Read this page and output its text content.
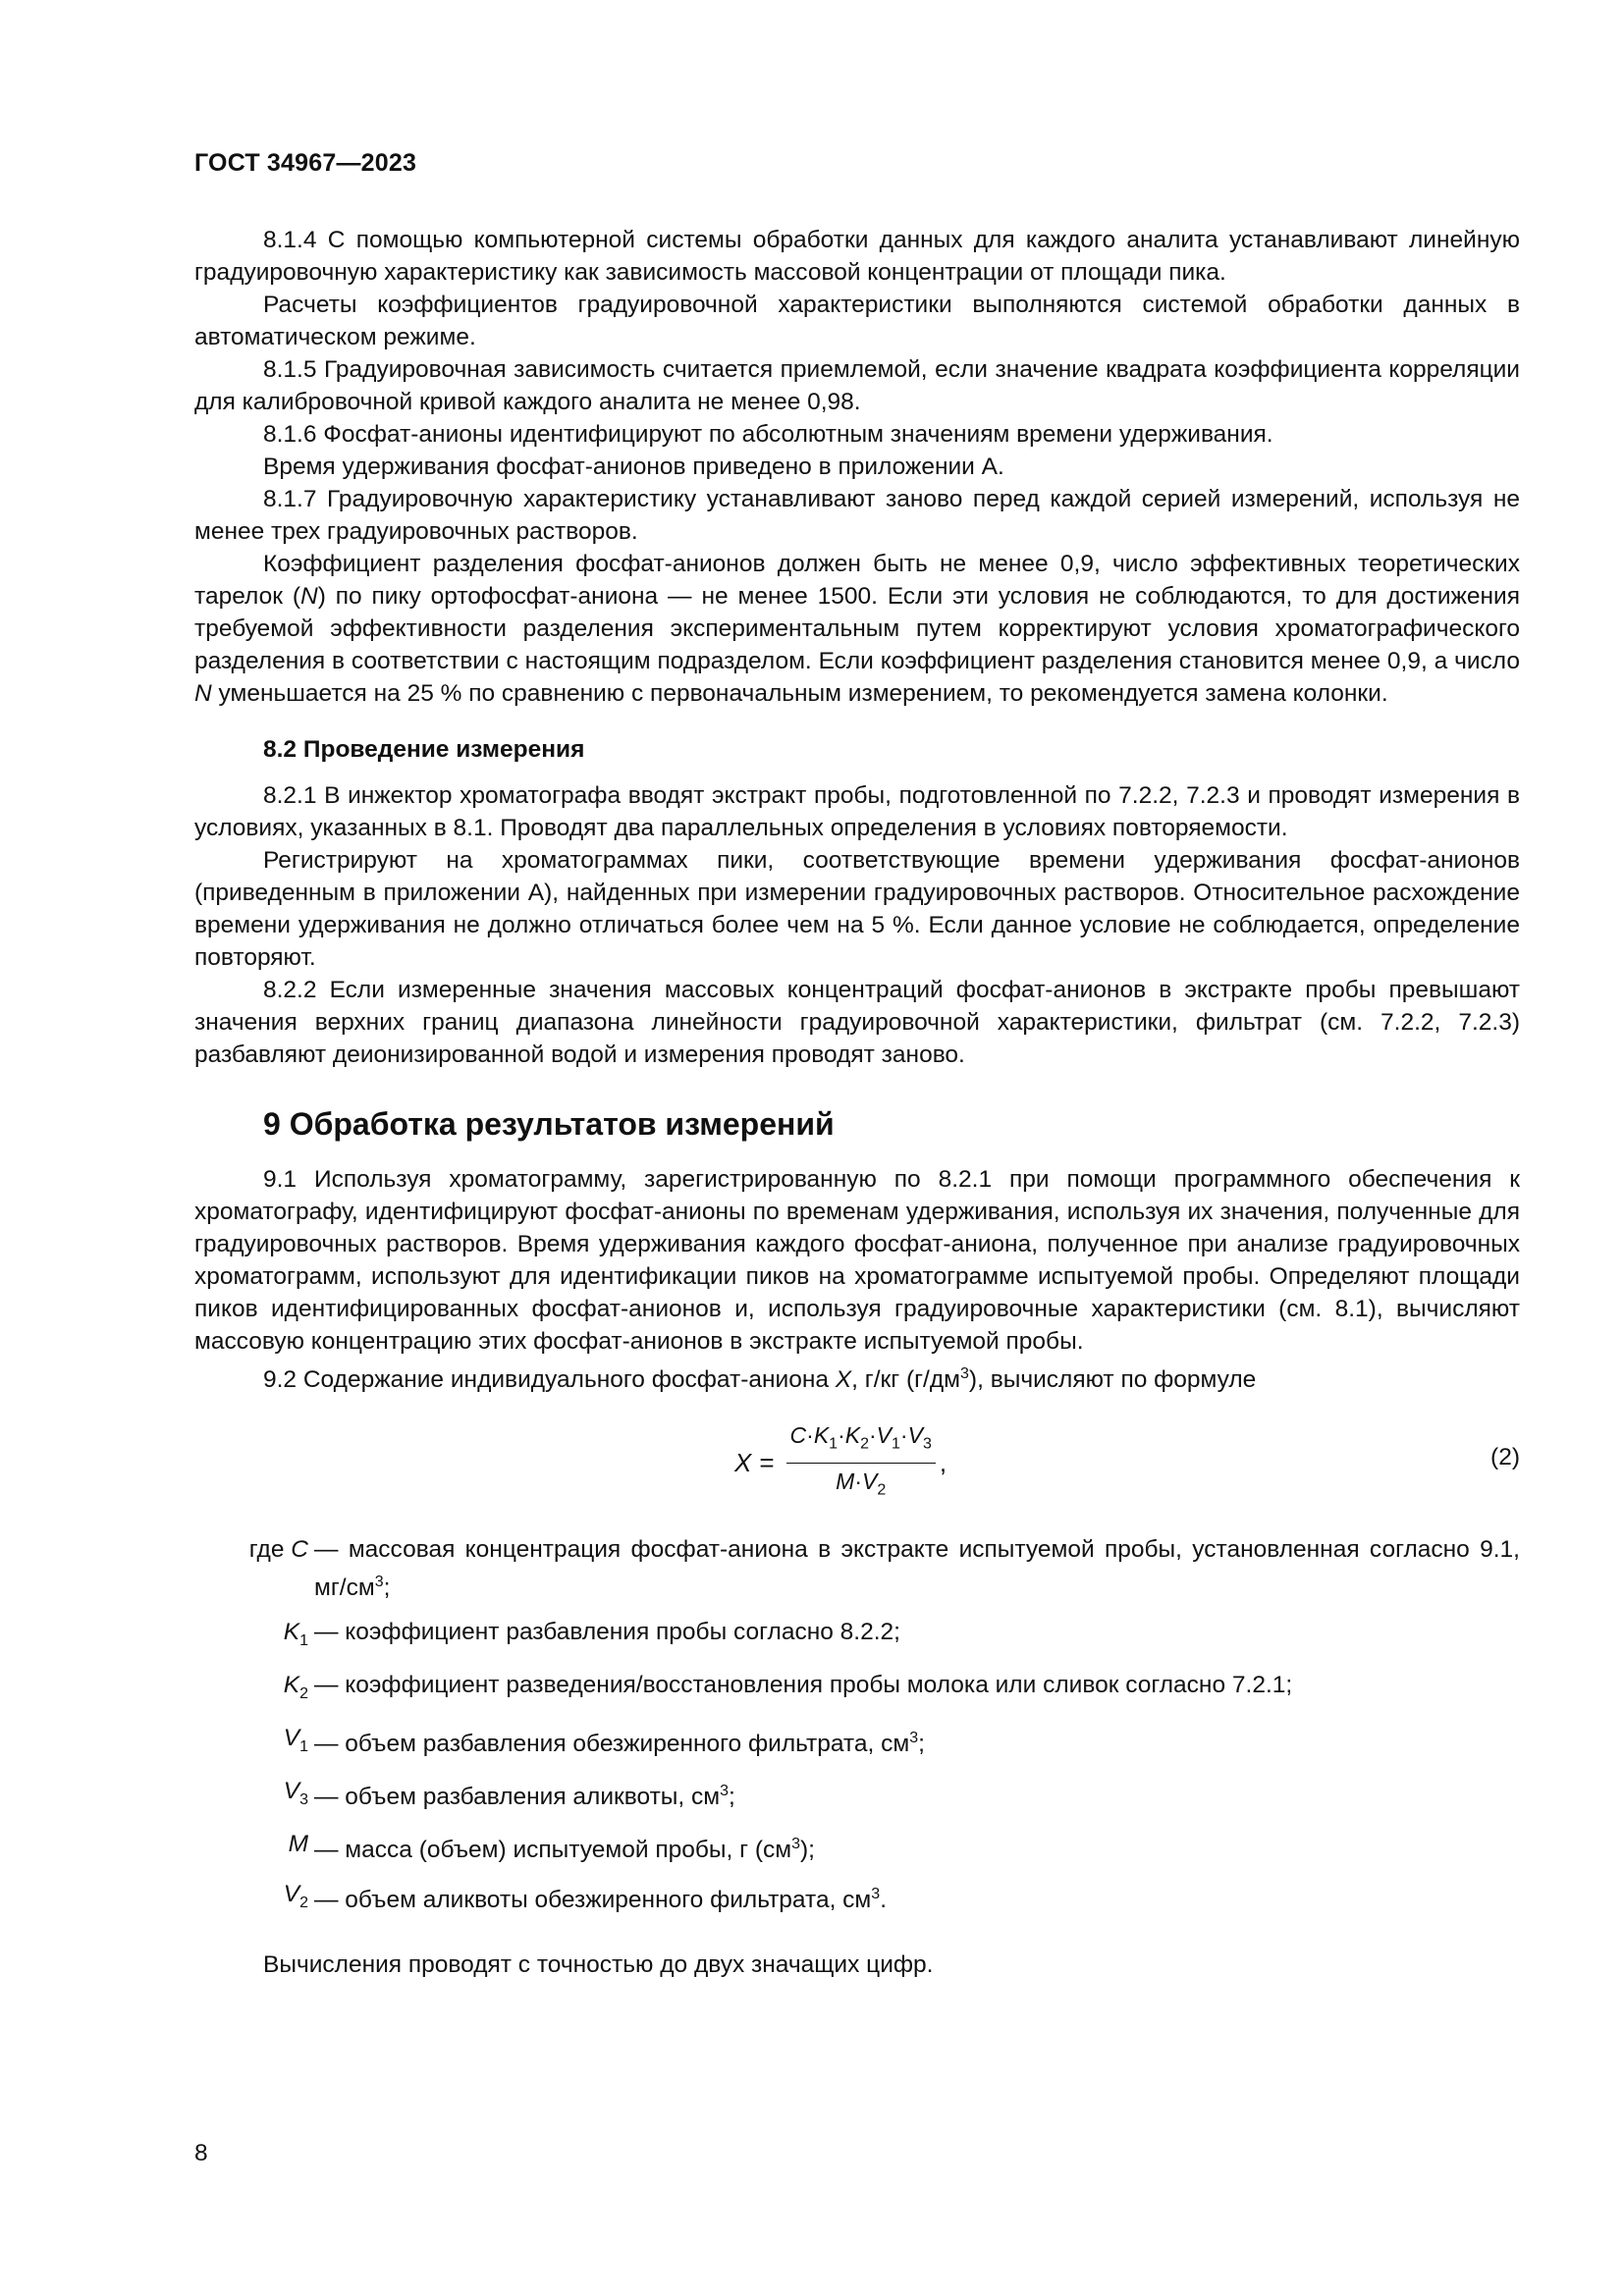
ГОСТ 34967—2023

8.1.4 С помощью компьютерной системы обработки данных для каждого аналита устанавливают линейную градуировочную характеристику как зависимость массовой концентрации от площади пика.

Расчеты коэффициентов градуировочной характеристики выполняются системой обработки данных в автоматическом режиме.

8.1.5 Градуировочная зависимость считается приемлемой, если значение квадрата коэффициента корреляции для калибровочной кривой каждого аналита не менее 0,98.

8.1.6 Фосфат-анионы идентифицируют по абсолютным значениям времени удерживания.

Время удерживания фосфат-анионов приведено в приложении А.

8.1.7 Градуировочную характеристику устанавливают заново перед каждой серией измерений, используя не менее трех градуировочных растворов.

Коэффициент разделения фосфат-анионов должен быть не менее 0,9, число эффективных теоретических тарелок (N) по пику ортофосфат-аниона — не менее 1500. Если эти условия не соблюдаются, то для достижения требуемой эффективности разделения экспериментальным путем корректируют условия хроматографического разделения в соответствии с настоящим подразделом. Если коэффициент разделения становится менее 0,9, а число N уменьшается на 25 % по сравнению с первоначальным измерением, то рекомендуется замена колонки.

8.2 Проведение измерения

8.2.1 В инжектор хроматографа вводят экстракт пробы, подготовленной по 7.2.2, 7.2.3 и проводят измерения в условиях, указанных в 8.1. Проводят два параллельных определения в условиях повторяемости.

Регистрируют на хроматограммах пики, соответствующие времени удерживания фосфат-анионов (приведенным в приложении А), найденных при измерении градуировочных растворов. Относительное расхождение времени удерживания не должно отличаться более чем на 5 %. Если данное условие не соблюдается, определение повторяют.

8.2.2 Если измеренные значения массовых концентраций фосфат-анионов в экстракте пробы превышают значения верхних границ диапазона линейности градуировочной характеристики, фильтрат (см. 7.2.2, 7.2.3) разбавляют деионизированной водой и измерения проводят заново.

9 Обработка результатов измерений

9.1 Используя хроматограмму, зарегистрированную по 8.2.1 при помощи программного обеспечения к хроматографу, идентифицируют фосфат-анионы по временам удерживания, используя их значения, полученные для градуировочных растворов. Время удерживания каждого фосфат-аниона, полученное при анализе градуировочных хроматограмм, используют для идентификации пиков на хроматограмме испытуемой пробы. Определяют площади пиков идентифицированных фосфат-анионов и, используя градуировочные характеристики (см. 8.1), вычисляют массовую концентрацию этих фосфат-анионов в экстракте испытуемой пробы.

9.2 Содержание индивидуального фосфат-аниона X, г/кг $(г/дм^3)$, вычисляют по формуле

$X = \frac{C\cdot K_1\cdot K_2\cdot V_1\cdot V_3}{M\cdot V_2}$ ,	(2)
где C — массовая концентрация фосфат-аниона в экстракте испытуемой пробы, установленная согласно 9.1, $мг/см^3$;
$K_1$ — коэффициент разбавления пробы согласно 8.2.2;
$K_2$ — коэффициент разведения/восстановления пробы молока или сливок согласно 7.2.1;
$V_1$ — объем разбавления обезжиренного фильтрата, $см^3$;
$V_3$ — объем разбавления аликвоты, $см^3$;
M — масса (объем) испытуемой пробы, г $(см^3)$;
$V_2$ — объем аликвоты обезжиренного фильтрата, $см^3$.

Вычисления проводят с точностью до двух значащих цифр.

8
